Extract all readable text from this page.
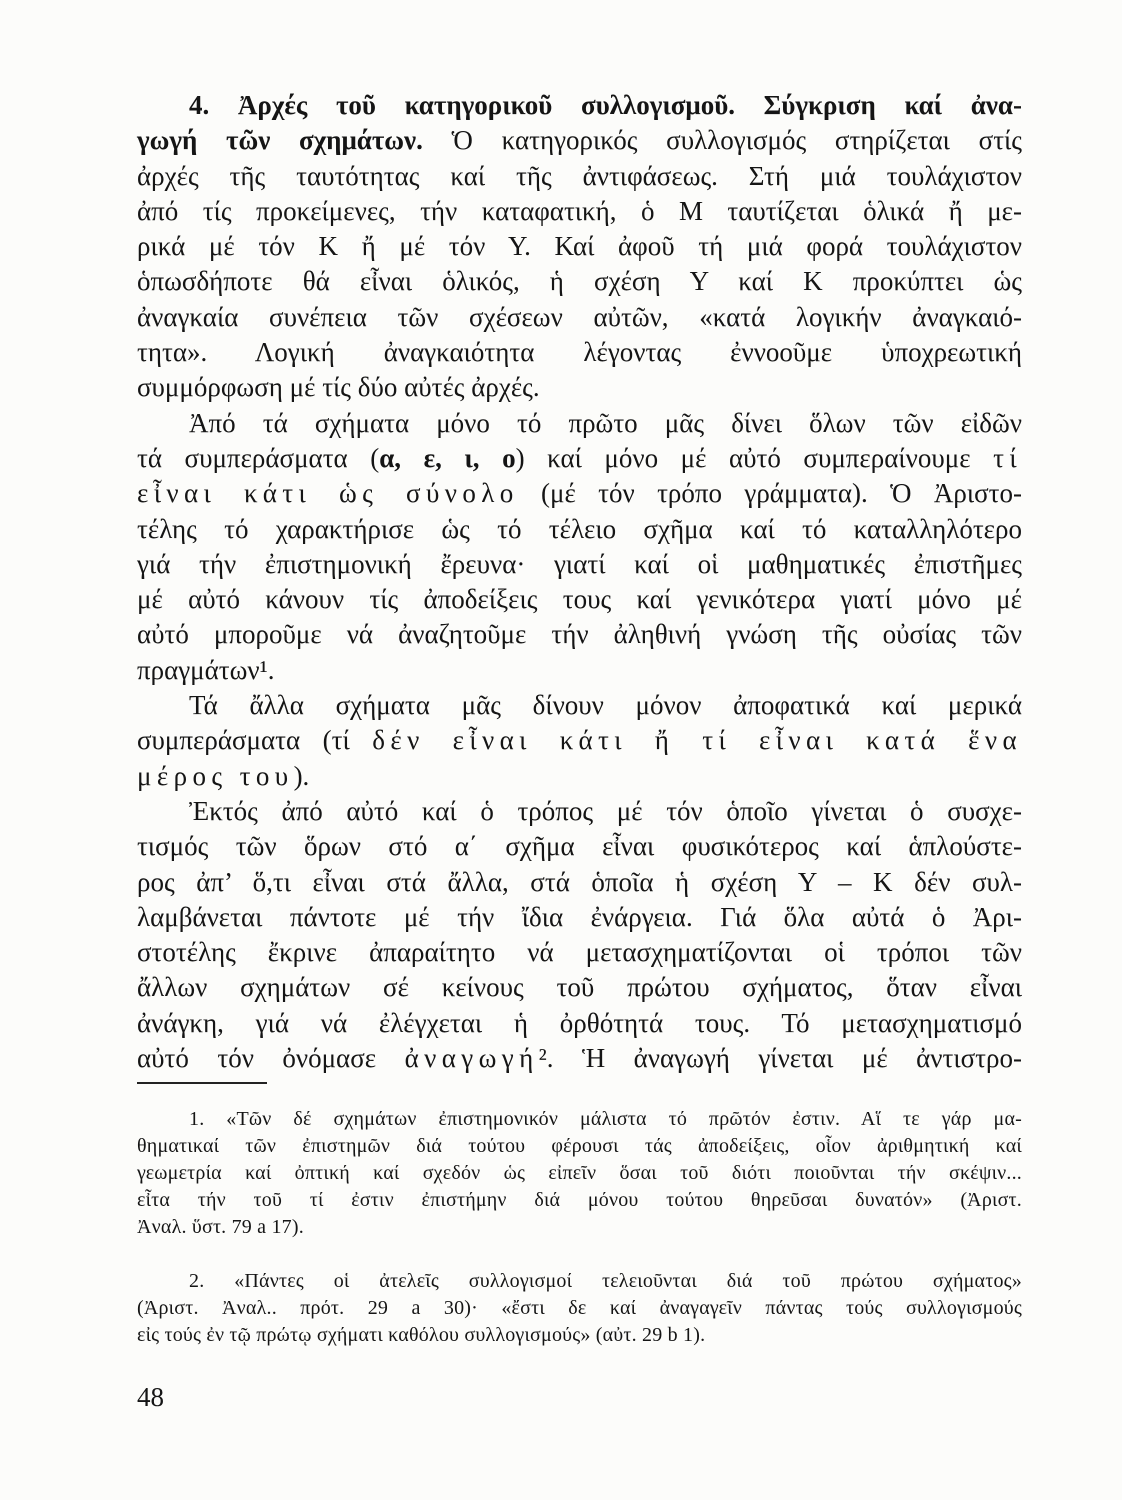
4. Ἀρχές τοῦ κατηγορικοῦ συλλογισμοῦ. Σύγκριση καί ἀνα-
γωγή τῶν σχημάτων. Ὁ κατηγορικός συλλογισμός στηρίζεται στίς
ἀρχές τῆς ταυτότητας καί τῆς ἀντιφάσεως. Στή μιά τουλάχιστον
ἀπό τίς προκείμενες, τήν καταφατική, ὁ Μ ταυτίζεται ὁλικά ἤ με-
ρικά μέ τόν Κ ἤ μέ τόν Υ. Καί ἀφοῦ τή μιά φορά τουλάχιστον
ὁπωσδήποτε θά εἶναι ὁλικός, ἡ σχέση Υ καί Κ προκύπτει ὡς
ἀναγκαία συνέπεια τῶν σχέσεων αὐτῶν, «κατά λογικήν ἀναγκαιό-
τητα». Λογική ἀναγκαιότητα λέγοντας ἐννοοῦμε ὑποχρεωτική
συμμόρφωση μέ τίς δύο αὐτές ἀρχές.
Ἀπό τά σχήματα μόνο τό πρῶτο μᾶς δίνει ὅλων τῶν εἰδῶν
τά συμπεράσματα (α, ε, ι, ο) καί μόνο μέ αὐτό συμπεραίνουμε τί
εἶναι κάτι ὡς σύνολο (μέ τόν τρόπο γράμματα). Ὁ Ἀριστο-
τέλης τό χαρακτήρισε ὡς τό τέλειο σχῆμα καί τό καταλληλότερο
γιά τήν ἐπιστημονική ἔρευνα· γιατί καί οἱ μαθηματικές ἐπιστῆμες
μέ αὐτό κάνουν τίς ἀποδείξεις τους καί γενικότερα γιατί μόνο μέ
αὐτό μποροῦμε νά ἀναζητοῦμε τήν ἀληθινή γνώση τῆς οὐσίας τῶν
πραγμάτων¹.
Τά ἄλλα σχήματα μᾶς δίνουν μόνον ἀποφατικά καί μερικά
συμπεράσματα (τί δέν εἶναι κάτι ἤ τί εἶναι κατά ἕνα
μέρος του).
Ἐκτός ἀπό αὐτό καί ὁ τρόπος μέ τόν ὁποῖο γίνεται ὁ συσχε-
τισμός τῶν ὅρων στό α΄ σχῆμα εἶναι φυσικότερος καί ἁπλούστε-
ρος ἀπ’ ὅ,τι εἶναι στά ἄλλα, στά ὁποῖα ἡ σχέση Υ – Κ δέν συλ-
λαμβάνεται πάντοτε μέ τήν ἴδια ἐνάργεια. Γιά ὅλα αὐτά ὁ Ἀρι-
στοτέλης ἔκρινε ἀπαραίτητο νά μετασχηματίζονται οἱ τρόποι τῶν
ἄλλων σχημάτων σέ κείνους τοῦ πρώτου σχήματος, ὅταν εἶναι
ἀνάγκη, γιά νά ἐλέγχεται ἡ ὀρθότητά τους. Τό μετασχηματισμό
αὐτό τόν ὀνόμασε ἀναγωγή². Ἡ ἀναγωγή γίνεται μέ ἀντιστρο-
1. «Τῶν δέ σχημάτων ἐπιστημονικόν μάλιστα τό πρῶτόν ἐστιν. Αἵ τε γάρ μα-
θηματικαί τῶν ἐπιστημῶν διά τούτου φέρουσι τάς ἀποδείξεις, οἷον ἀριθμητική καί
γεωμετρία καί ὀπτική καί σχεδόν ὡς εἰπεῖν ὅσαι τοῦ διότι ποιοῦνται τήν σκέψιν...
εἶτα τήν τοῦ τί ἐστιν ἐπιστήμην διά μόνου τούτου θηρεῦσαι δυνατόν» (Ἀριστ.
Ἀναλ. ὕστ. 79 a 17).
2. «Πάντες οἱ ἀτελεῖς συλλογισμοί τελειοῦνται διά τοῦ πρώτου σχήματος»
(Ἀριστ. Ἀναλ.. πρότ. 29 a 30)· «ἔστι δε καί ἀναγαγεῖν πάντας τούς συλλογισμούς
εἰς τούς ἐν τῷ πρώτῳ σχήματι καθόλου συλλογισμούς» (αὐτ. 29 b 1).
48
